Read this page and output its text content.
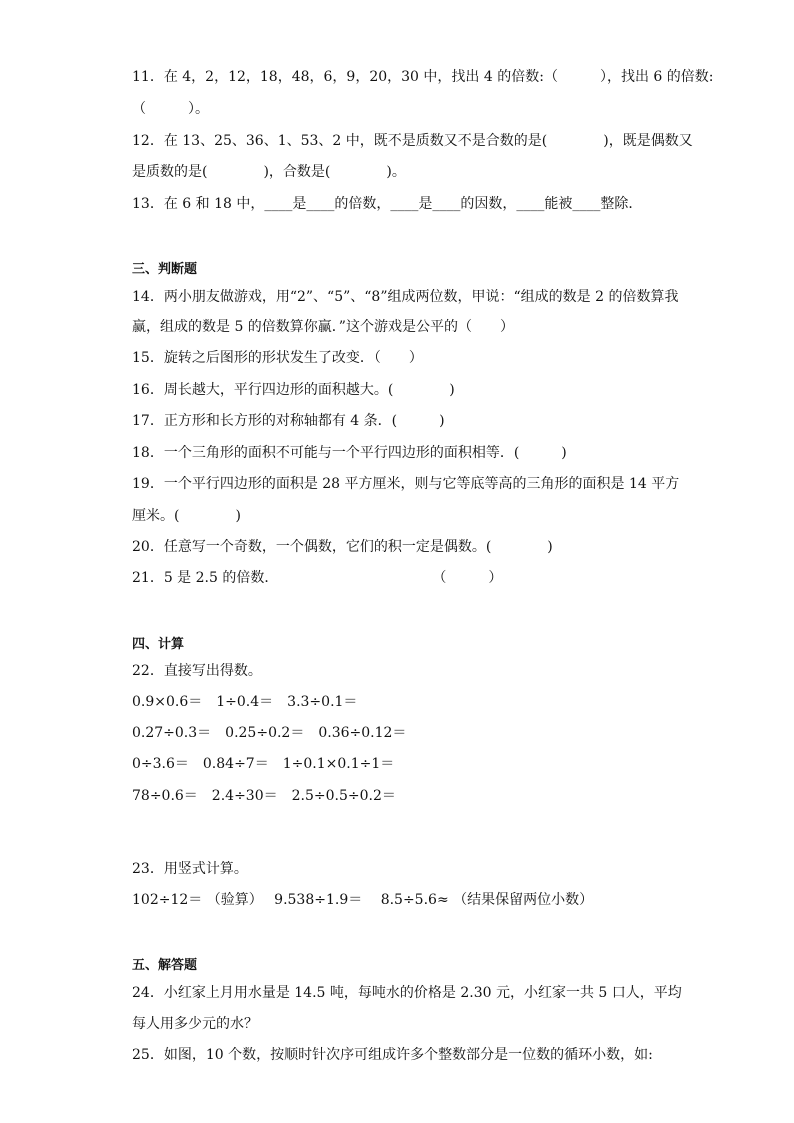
11．在 4，2，12，18，48，6，9，20，30 中，找出 4 的倍数:（　　　），找出 6 的倍数:
（　　　）。
12．在 13、25、36、1、53、2 中，既不是质数又不是合数的是(　　　　)，既是偶数又
是质数的是(　　　　)，合数是(　　　　)。
13．在 6 和 18 中，____是____的倍数，____是____的因数，____能被____整除．
三、判断题
14．两小朋友做游戏，用“2”、“5”、“8”组成两位数，甲说：“组成的数是 2 的倍数算我
赢，组成的数是 5 的倍数算你赢．”这个游戏是公平的（　　）
15．旋转之后图形的形状发生了改变．（　　）
16．周长越大，平行四边形的面积越大。(　　　　)
17．正方形和长方形的对称轴都有 4 条．(　　　)
18．一个三角形的面积不可能与一个平行四边形的面积相等．(　　　)
19．一个平行四边形的面积是 28 平方厘米，则与它等底等高的三角形的面积是 14 平方
厘米。(　　　　)
20．任意写一个奇数，一个偶数，它们的积一定是偶数。(　　　　)
21．5 是 2.5 的倍数．　　　　　　　　　　　　（　　　）
四、计算
22．直接写出得数。
0.9×0.6＝　1÷0.4＝　3.3÷0.1＝
0.27÷0.3＝　0.25÷0.2＝　0.36÷0.12＝
0÷3.6＝　0.84÷7＝　1÷0.1×0.1÷1＝
78÷0.6＝　2.4÷30＝　2.5÷0.5÷0.2＝
23．用竖式计算。
102÷12＝ （验算）　 9.538÷1.9＝　 8.5÷5.6≈ （结果保留两位小数）
五、解答题
24．小红家上月用水量是 14.5 吨，每吨水的价格是 2.30 元，小红家一共 5 口人，平均
每人用多少元的水？
25．如图，10 个数，按顺时针次序可组成许多个整数部分是一位数的循环小数，如:
